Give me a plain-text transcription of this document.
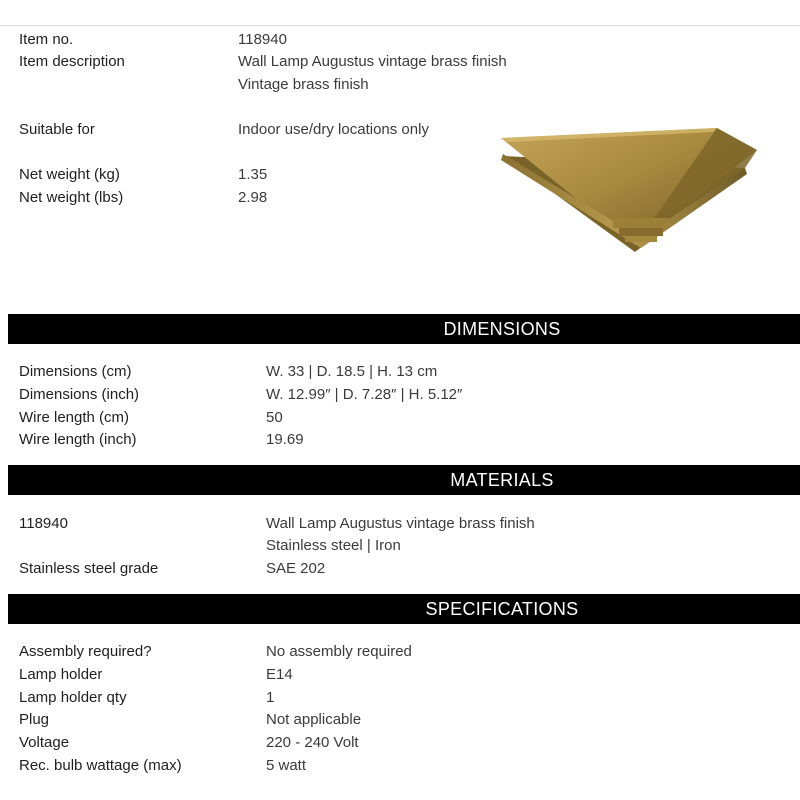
Item no.	118940
Item description	Wall Lamp Augustus vintage brass finish
Vintage brass finish
Suitable for	Indoor use/dry locations only
Net weight (kg)	1.35
Net weight (lbs)	2.98
DIMENSIONS
Dimensions (cm)	W. 33 | D. 18.5 | H. 13 cm
Dimensions (inch)	W. 12.99″ | D. 7.28″ | H. 5.12″
Wire length (cm)	50
Wire length (inch)	19.69
MATERIALS
118940	Wall Lamp Augustus vintage brass finish
Stainless steel | Iron
Stainless steel grade	SAE 202
SPECIFICATIONS
Assembly required?	No assembly required
Lamp holder	E14
Lamp holder qty	1
Plug	Not applicable
Voltage	220 - 240 Volt
Rec. bulb wattage (max)	5 watt
